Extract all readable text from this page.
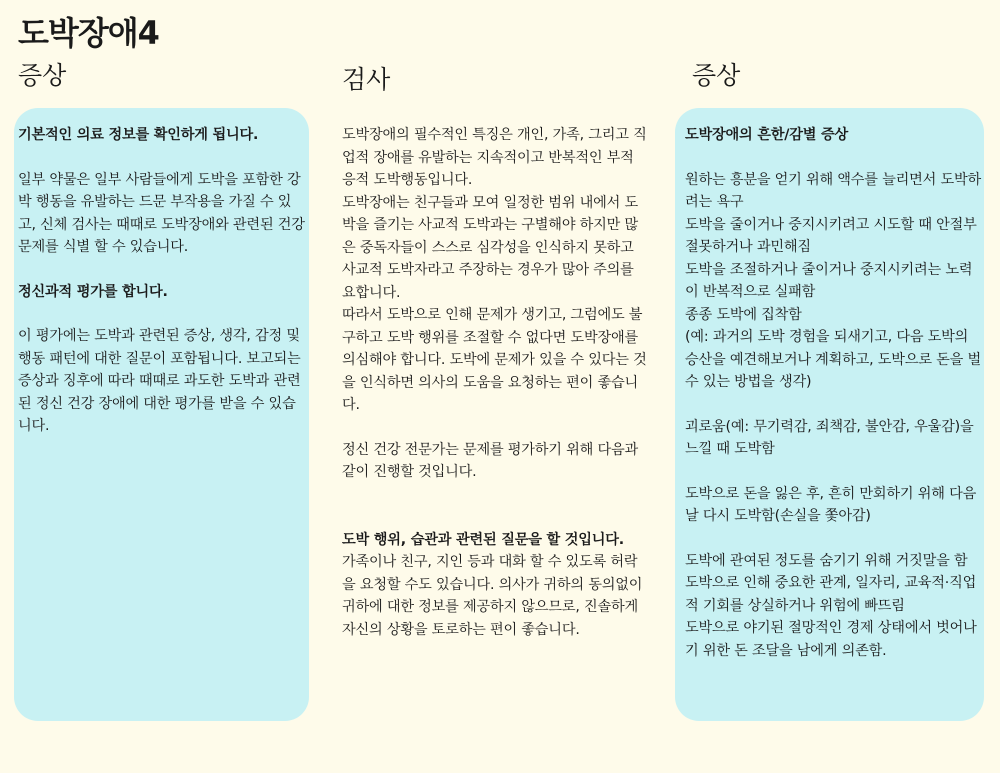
도박장애4
증상	검사	증상

기본적인 의료 정보를 확인하게 됩니다.

일부 약물은 일부 사람들에게 도박을 포함한 강박 행동을 유발하는 드문 부작용을 가질 수 있고, 신체 검사는 때때로 도박장애와 관련된 건강 문제를 식별 할 수 있습니다.

정신과적 평가를 합니다.

이 평가에는 도박과 관련된 증상, 생각, 감정 및 행동 패턴에 대한 질문이 포함됩니다. 보고되는 증상과 징후에 따라 때때로 과도한 도박과 관련된 정신 건강 장애에 대한 평가를 받을 수 있습니다.

도박장애의 필수적인 특징은 개인, 가족, 그리고 직업적 장애를 유발하는 지속적이고 반복적인 부적응적 도박행동입니다.

도박장애는 친구들과 모여 일정한 범위 내에서 도박을 즐기는 사교적 도박과는 구별해야 하지만 많은 중독자들이 스스로 심각성을 인식하지 못하고 사교적 도박자라고 주장하는 경우가 많아 주의를 요합니다.

따라서 도박으로 인해 문제가 생기고, 그럼에도 불구하고 도박 행위를 조절할 수 없다면 도박장애를 의심해야 합니다. 도박에 문제가 있을 수 있다는 것을 인식하면 의사의 도움을 요청하는 편이 좋습니다.

정신 건강 전문가는 문제를 평가하기 위해 다음과 같이 진행할 것입니다.

도박 행위, 습관과 관련된 질문을 할 것입니다.

가족이나 친구, 지인 등과 대화 할 수 있도록 허락을 요청할 수도 있습니다. 의사가 귀하의 동의없이 귀하에 대한 정보를 제공하지 않으므로, 진솔하게 자신의 상황을 토로하는 편이 좋습니다.

도박장애의 흔한/감별 증상

원하는 흥분을 얻기 위해 액수를 늘리면서 도박하려는 욕구

도박을 줄이거나 중지시키려고 시도할 때 안절부절못하거나 과민해짐

도박을 조절하거나 줄이거나 중지시키려는 노력이 반복적으로 실패함

종종 도박에 집착함

(예: 과거의 도박 경험을 되새기고, 다음 도박의 승산을 예견해보거나 계획하고, 도박으로 돈을 벌 수 있는 방법을 생각)

괴로움(예: 무기력감, 죄책감, 불안감, 우울감)을 느낄 때 도박함

도박으로 돈을 잃은 후, 흔히 만회하기 위해 다음날 다시 도박함(손실을 쫓아감)

도박에 관여된 정도를 숨기기 위해 거짓말을 함

도박으로 인해 중요한 관계, 일자리, 교육적·직업적 기회를 상실하거나 위험에 빠뜨림

도박으로 야기된 절망적인 경제 상태에서 벗어나기 위한 돈 조달을 남에게 의존함.
